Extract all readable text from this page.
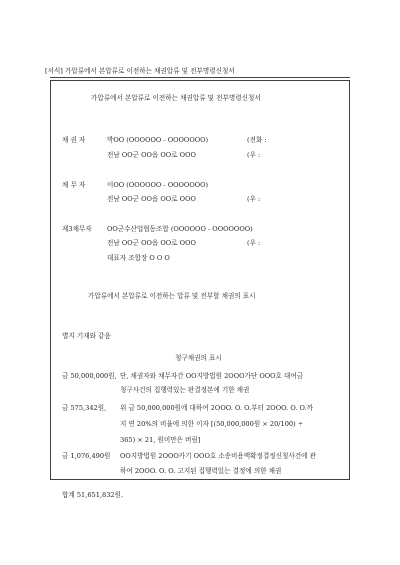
[서식] 가압류에서 본압류로 이전하는 채권압류 및 전부명령신청서
가압류에서 본압류로 이전하는 채권압류 및 전부명령신청서
채 권 자	박OO (OOOOOO - OOOOOOO)	(전화 :
전남 OO군 OO읍 OO로 OOO	(우 :
채 무 자	이OO (OOOOOO - OOOOOOO)
전남 OO군 OO읍 OO로 OOO	(우 :
제3채무자 OO군수산업협동조합 (OOOOOO - OOOOOOO)
전남 OO군 OO읍 OO로 OOO	(우 :
대표자 조합장 O O O
가압류에서 본압류로 이전하는 압류 및 전부할 채권의 표시
별지 기재와 같음
청구채권의 표시
금 50,000,000원, 단, 채권자와 채무자간 OO지방법원 2OOO가단 OOO호 대여금
청구사건의 집행력있는 판결정본에 기한 채권
금 575,342원, 위 금 50,000,000원에 대하여 2OOO. O. O.부터 2OOO. O. O.까
지 연 20%의 비율에 의한 이자 [(50,000,000원 × 20/100) ÷
365) × 21, 원미만은 버림]
금 1,076,490원 OO지방법원 2OOO카기 OOO호 소송비용액확정결정신청사건에 관
하여 2OOO. O. O. 고지된 집행력있는 결정에 의한 채권
합계 51,651,832원.
